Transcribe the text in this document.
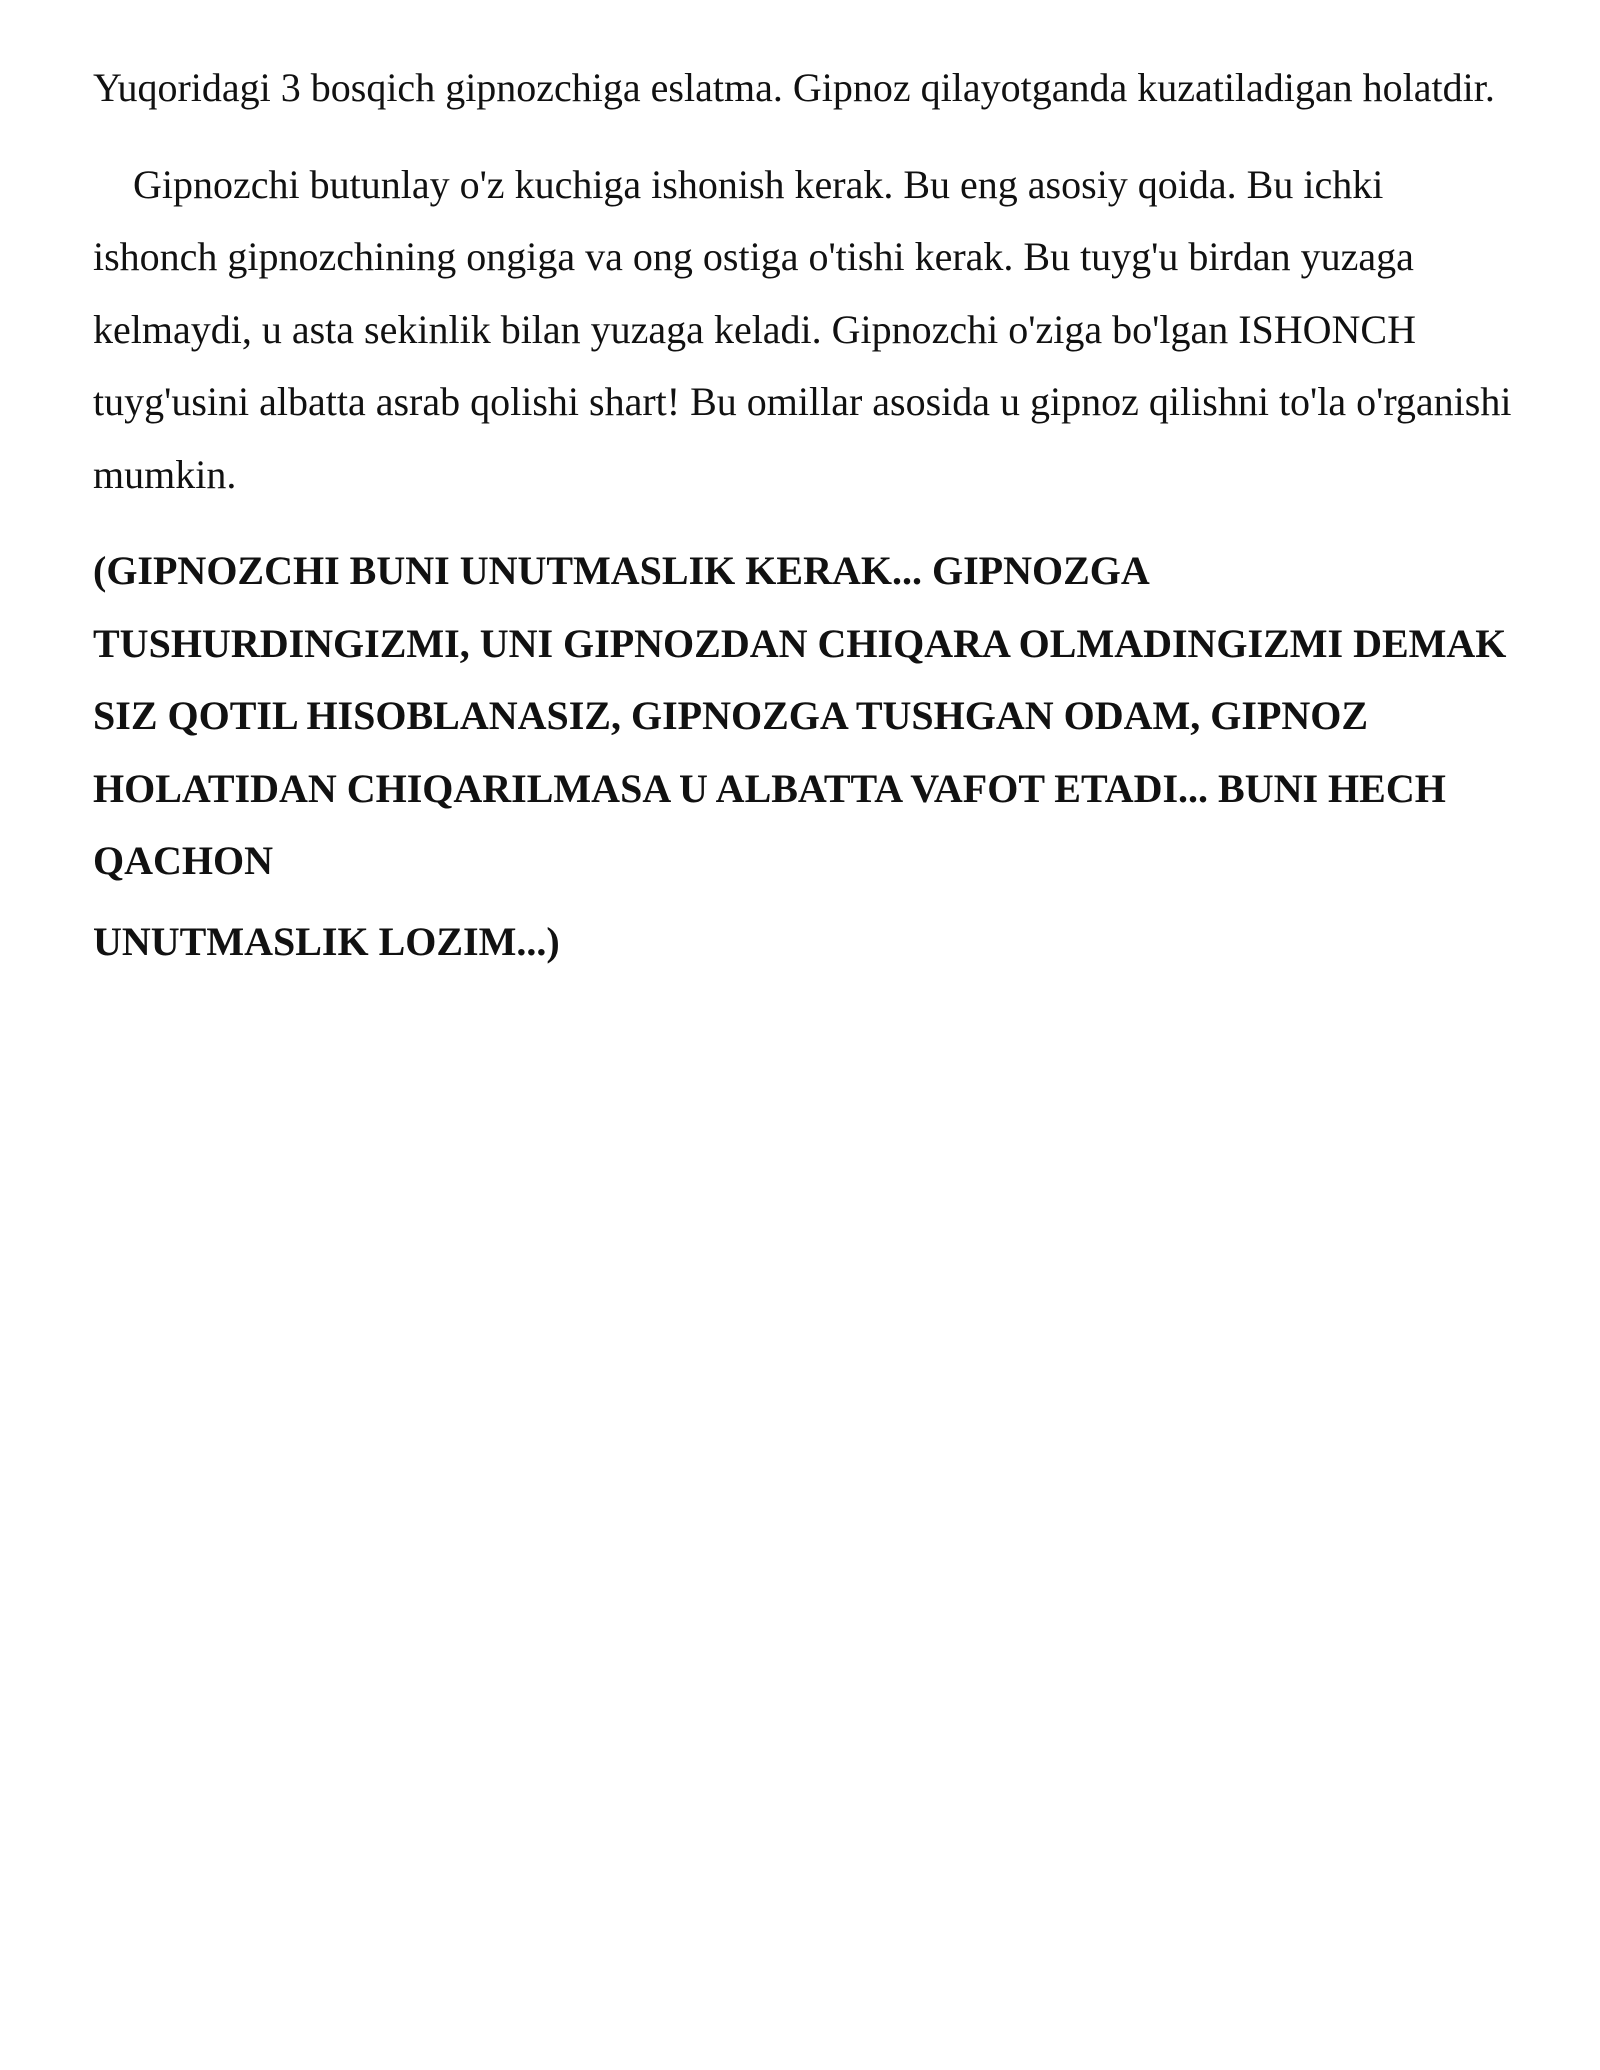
Yuqoridagi 3 bosqich gipnozchiga eslatma. Gipnoz qilayotganda kuzatiladigan holatdir.

Gipnozchi butunlay o'z kuchiga ishonish kerak. Bu eng asosiy qoida. Bu ichki ishonch gipnozchining ongiga va ong ostiga o'tishi kerak. Bu tuyg'u birdan yuzaga kelmaydi, u asta sekinlik bilan yuzaga keladi. Gipnozchi o'ziga bo'lgan ISHONCH tuyg'usini albatta asrab qolishi shart! Bu omillar asosida u gipnoz qilishni to'la o'rganishi mumkin.

(GIPNOZCHI BUNI UNUTMASLIK KERAK... GIPNOZGA TUSHURDINGIZMI, UNI GIPNOZDAN CHIQARA OLMADINGIZMI DEMAK SIZ QOTIL HISOBLANASIZ, GIPNOZGA TUSHGAN ODAM, GIPNOZ HOLATIDAN CHIQARILMASA U ALBATTA VAFOT ETADI... BUNI HECH QACHON

UNUTMASLIK LOZIM...)
